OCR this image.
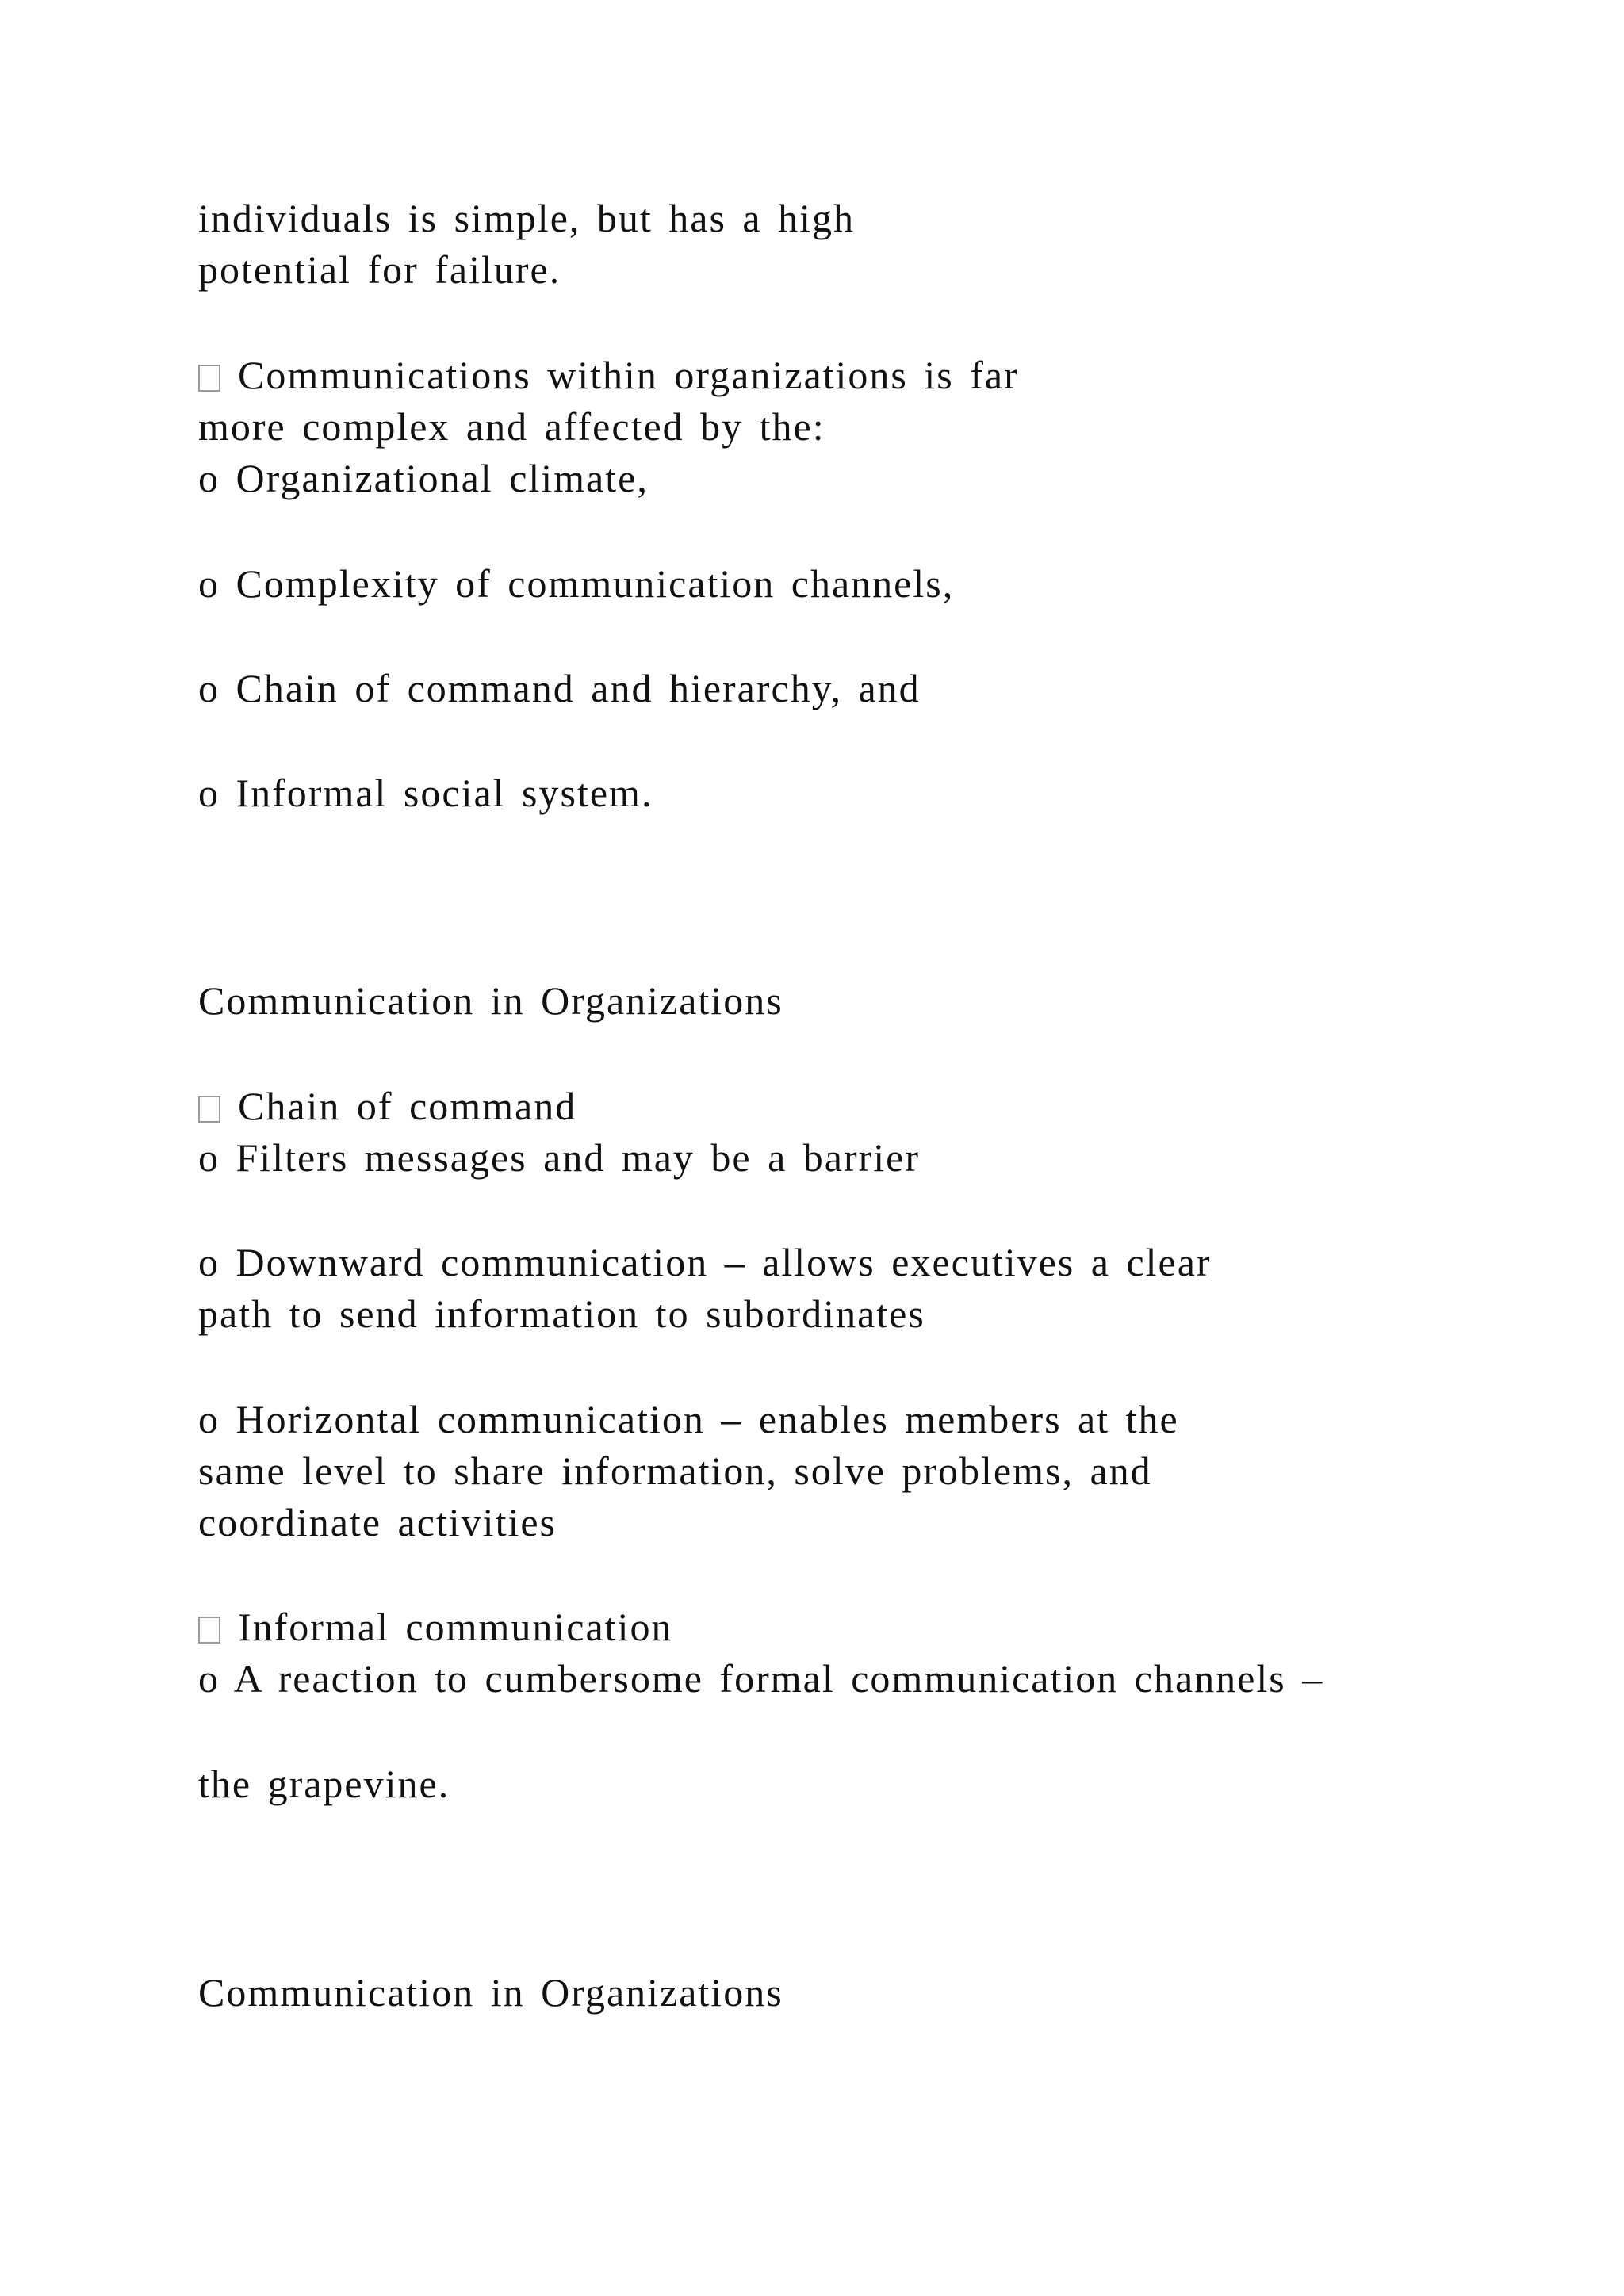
individuals is simple, but has a high
potential for failure.
Communications within organizations is far
more complex and affected by the:
o Organizational climate,
o Complexity of communication channels,
o Chain of command and hierarchy, and
o Informal social system.
Communication in Organizations
Chain of command
o Filters messages and may be a barrier
o Downward communication – allows executives a clear
path to send information to subordinates
o Horizontal communication – enables members at the
same level to share information, solve problems, and
coordinate activities
Informal communication
o A reaction to cumbersome formal communication channels –
the grapevine.
Communication in Organizations
